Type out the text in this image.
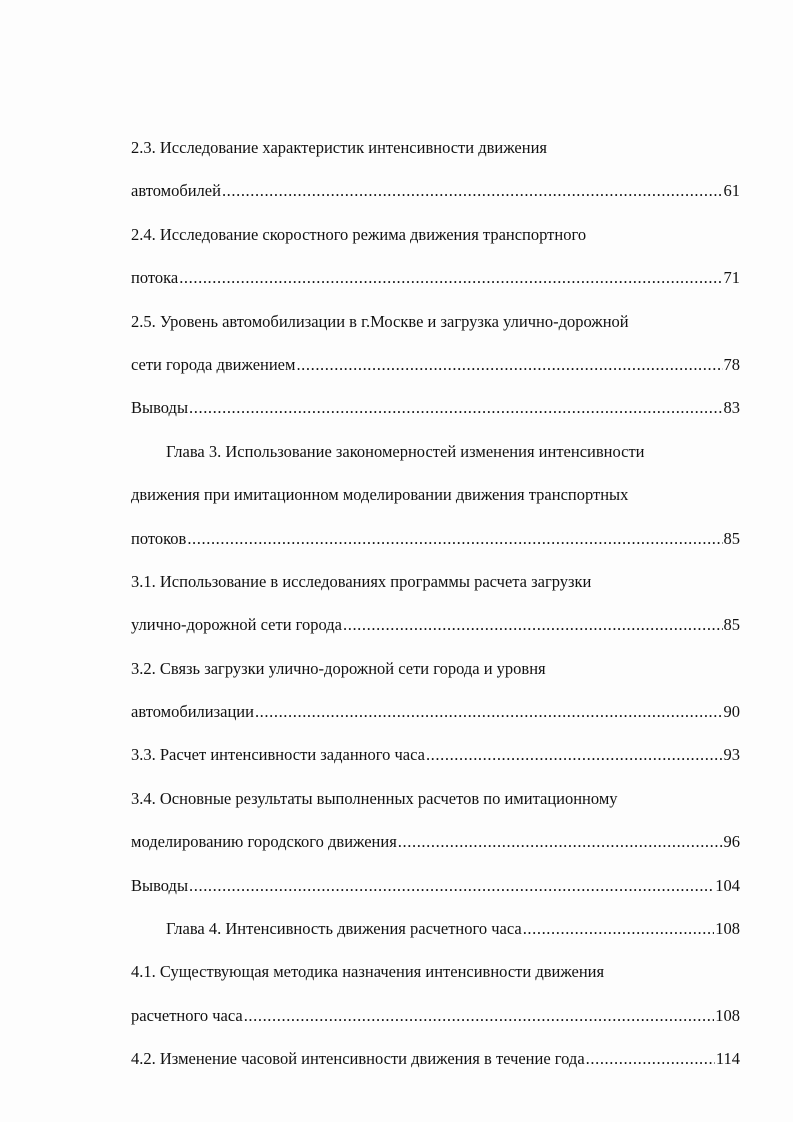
2.3. Исследование характеристик интенсивности движения
автомобилей .....	61
2.4. Исследование скоростного режима движения транспортного
потока .....	71
2.5. Уровень автомобилизации в г.Москве и загрузка улично-дорожной
сети города движением .....	78
Выводы .....	83
Глава 3. Использование закономерностей изменения интенсивности
движения при имитационном моделировании движения транспортных
потоков .....	85
3.1. Использование в исследованиях программы расчета загрузки
улично-дорожной сети города .....	85
3.2. Связь загрузки улично-дорожной сети города и уровня
автомобилизации .....	90
3.3. Расчет интенсивности заданного часа .....	93
3.4. Основные результаты выполненных расчетов по имитационному
моделированию городского движения .....	96
Выводы .....	104
Глава 4. Интенсивность движения расчетного часа .....	108
4.1. Существующая методика назначения интенсивности движения
расчетного часа .....	108
4.2. Изменение часовой интенсивности движения в течение года .....	114
